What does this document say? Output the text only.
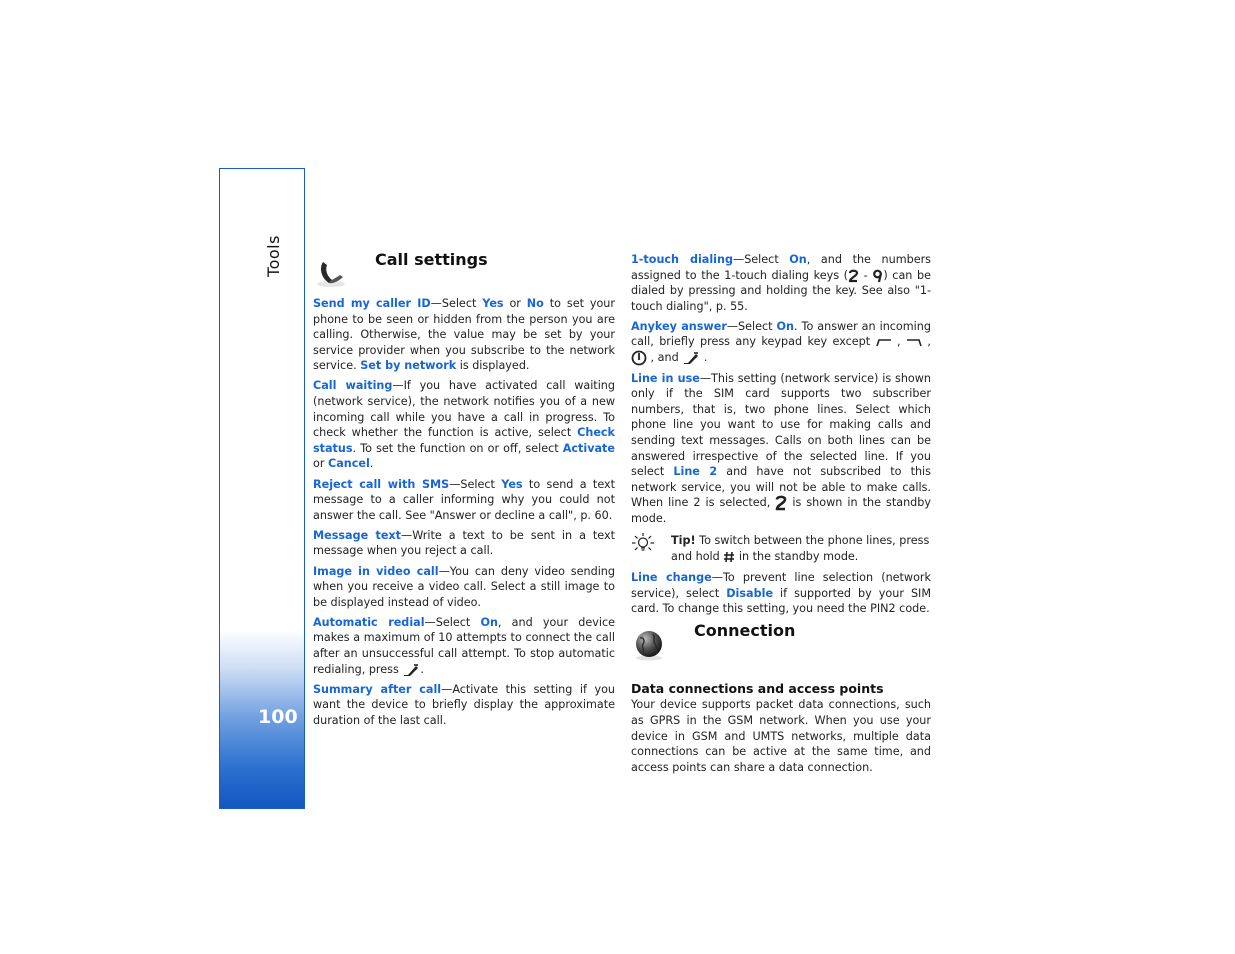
Tools
100
Call settings

Send my caller ID—Select Yes or No to set your phone to be seen or hidden from the person you are calling. Otherwise, the value may be set by your service provider when you subscribe to the network service. Set by network is displayed.

Call waiting—If you have activated call waiting (network service), the network notifies you of a new incoming call while you have a call in progress. To check whether the function is active, select Check status. To set the function on or off, select Activate or Cancel.

Reject call with SMS—Select Yes to send a text message to a caller informing why you could not answer the call. See "Answer or decline a call", p. 60.

Message text—Write a text to be sent in a text message when you reject a call.

Image in video call—You can deny video sending when you receive a video call. Select a still image to be displayed instead of video.

Automatic redial—Select On, and your device makes a maximum of 10 attempts to connect the call after an unsuccessful call attempt. To stop automatic redialing, press .

Summary after call—Activate this setting if you want the device to briefly display the approximate duration of the last call.

1-touch dialing—Select On, and the numbers assigned to the 1-touch dialing keys ( - ) can be dialed by pressing and holding the key. See also "1-touch dialing", p. 55.

Anykey answer—Select On. To answer an incoming call, briefly press any keypad key except  ,  ,  , and  .

Line in use—This setting (network service) is shown only if the SIM card supports two subscriber numbers, that is, two phone lines. Select which phone line you want to use for making calls and sending text messages. Calls on both lines can be answered irrespective of the selected line. If you select Line 2 and have not subscribed to this network service, you will not be able to make calls. When line 2 is selected,  is shown in the standby mode.

Tip! To switch between the phone lines, press and hold  in the standby mode.

Line change—To prevent line selection (network service), select Disable if supported by your SIM card. To change this setting, you need the PIN2 code.

Connection
Data connections and access points

Your device supports packet data connections, such as GPRS in the GSM network. When you use your device in GSM and UMTS networks, multiple data connections can be active at the same time, and access points can share a data connection.
